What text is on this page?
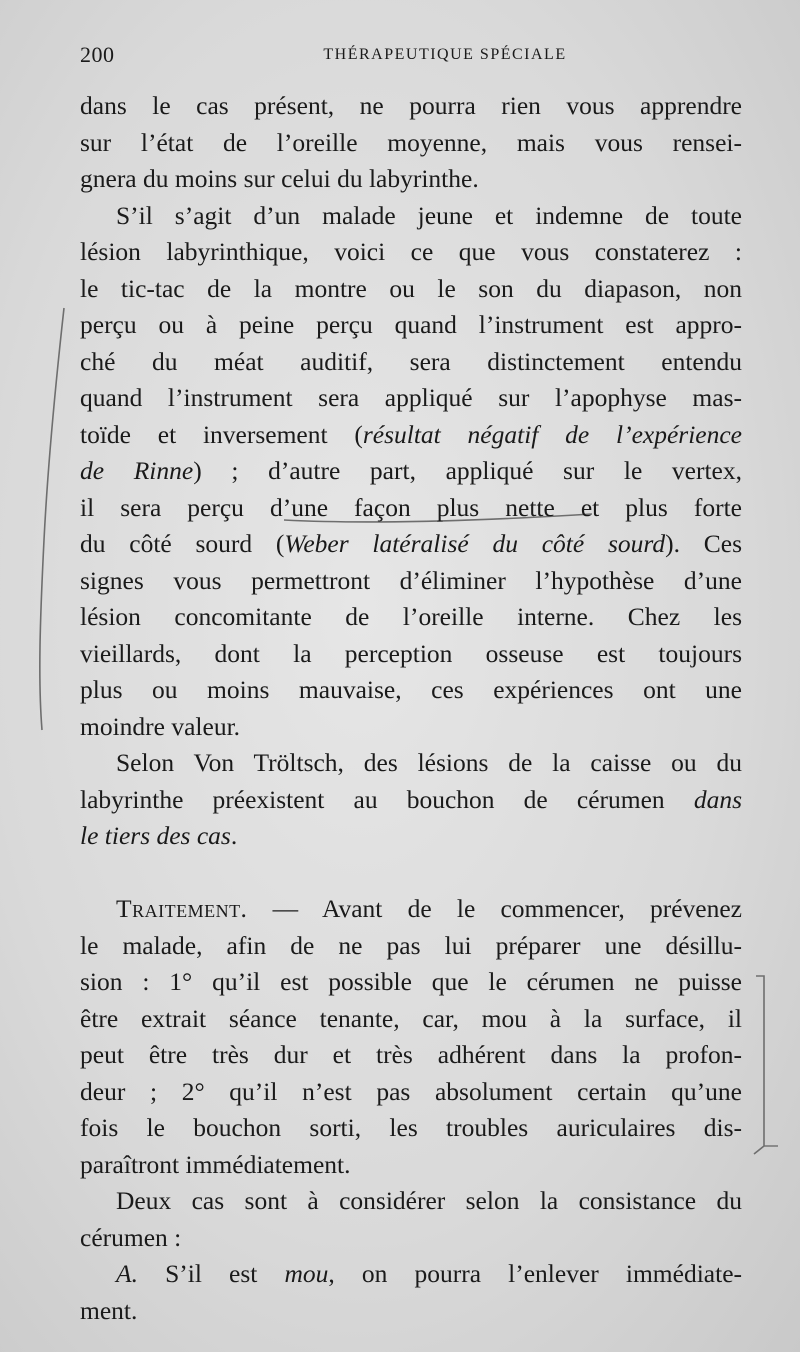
200	THÉRAPEUTIQUE SPÉCIALE
dans le cas présent, ne pourra rien vous apprendre
sur l’état de l’oreille moyenne, mais vous rensei-
gnera du moins sur celui du labyrinthe.
S’il s’agit d’un malade jeune et indemne de toute
lésion labyrinthique, voici ce que vous constaterez :
le tic-tac de la montre ou le son du diapason, non
perçu ou à peine perçu quand l’instrument est appro-
ché du méat auditif, sera distinctement entendu
quand l’instrument sera appliqué sur l’apophyse mas-
toïde et inversement (résultat négatif de l’expérience
de Rinne) ; d’autre part, appliqué sur le vertex,
il sera perçu d’une façon plus nette et plus forte
du côté sourd (Weber latéralisé du côté sourd). Ces
signes vous permettront d’éliminer l’hypothèse d’une
lésion concomitante de l’oreille interne. Chez les
vieillards, dont la perception osseuse est toujours
plus ou moins mauvaise, ces expériences ont une
moindre valeur.
Selon Von Tröltsch, des lésions de la caisse ou du
labyrinthe préexistent au bouchon de cérumen dans
le tiers des cas.
Traitement. — Avant de le commencer, prévenez
le malade, afin de ne pas lui préparer une désillu-
sion : 1° qu’il est possible que le cérumen ne puisse
être extrait séance tenante, car, mou à la surface, il
peut être très dur et très adhérent dans la profon-
deur ; 2° qu’il n’est pas absolument certain qu’une
fois le bouchon sorti, les troubles auriculaires dis-
paraîtront immédiatement.
Deux cas sont à considérer selon la consistance du
cérumen :
A. S’il est mou, on pourra l’enlever immédiate-
ment.
